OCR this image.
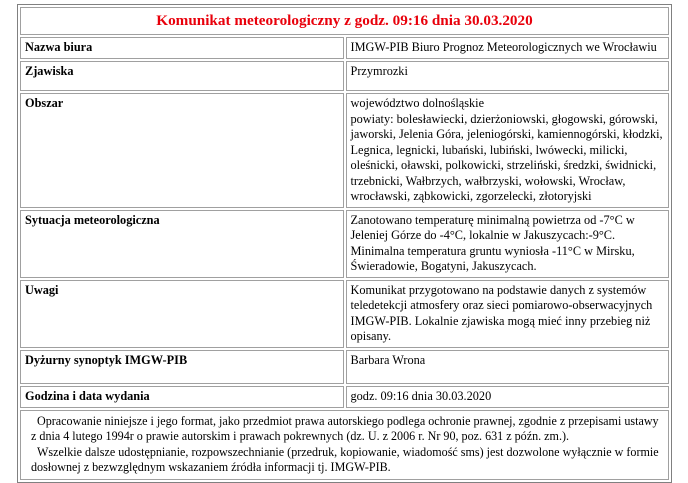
Komunikat meteorologiczny z godz. 09:16 dnia 30.03.2020	
Nazwa biura	IMGW-PIB Biuro Prognoz Meteorologicznych we Wrocławiu
Zjawiska	Przymrozki
Obszar	województwo dolnośląskie
powiaty: bolesławiecki, dzierżoniowski, głogowski, górowski, jaworski, Jelenia Góra, jeleniogórski, kamiennogórski, kłodzki, Legnica, legnicki, lubański, lubiński, lwówecki, milicki, oleśnicki, oławski, polkowicki, strzeliński, średzki, świdnicki, trzebnicki, Wałbrzych, wałbrzyski, wołowski, Wrocław, wrocławski, ząbkowicki, zgorzelecki, złotoryjski

Sytuacja meteorologiczna	Zanotowano temperaturę minimalną powietrza od -7°C w Jeleniej Górze do -4°C, lokalnie w Jakuszycach:-9°C. Minimalna temperatura gruntu wyniosła -11°C w Mirsku, Świeradowie, Bogatyni, Jakuszycach.
Uwagi	Komunikat przygotowano na podstawie danych z systemów teledetekcji atmosfery oraz sieci pomiarowo-obserwacyjnych IMGW-PIB. Lokalnie zjawiska mogą mieć inny przebieg niż opisany.
Dyżurny synoptyk IMGW-PIB	Barbara Wrona
Godzina i data wydania	godz. 09:16 dnia 30.03.2020

Opracowanie niniejsze i jego format, jako przedmiot prawa autorskiego podlega ochronie prawnej, zgodnie z przepisami ustawy z dnia 4 lutego 1994r o prawie autorskim i prawach pokrewnych (dz. U. z 2006 r. Nr 90, poz. 631 z późn. zm.).
Wszelkie dalsze udostępnianie, rozpowszechnianie (przedruk, kopiowanie, wiadomość sms) jest dozwolone wyłącznie w formie dosłownej z bezwzględnym wskazaniem źródła informacji tj. IMGW-PIB.	
